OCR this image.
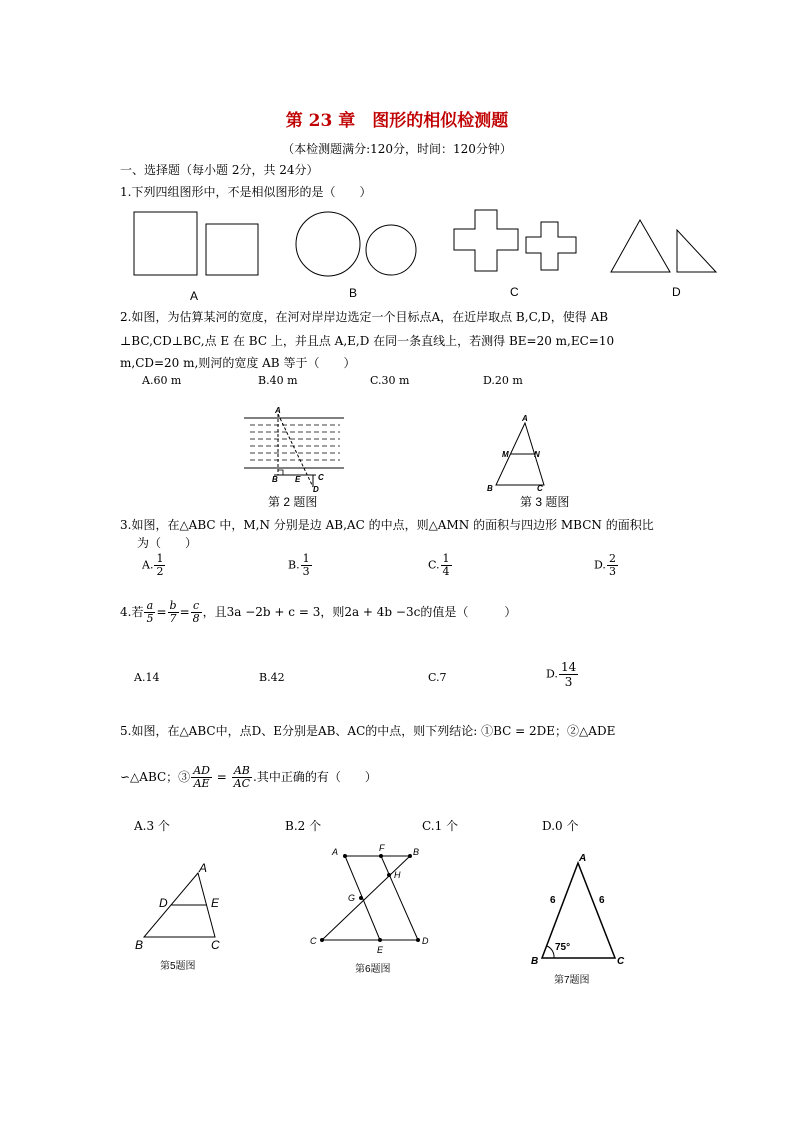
第 23 章　图形的相似检测题
（本检测题满分:120分，时间：120分钟）
一、选择题（每小题 2分，共 24分）
1.下列四组图形中，不是相似图形的是（　　）
A	B	C	D
2.如图，为估算某河的宽度，在河对岸岸边选定一个目标点A，在近岸取点 B,C,D，使得 AB
⊥BC,CD⊥BC,点 E 在 BC 上，并且点 A,E,D 在同一条直线上，若测得 BE=20 m,EC=10
m,CD=20 m,则河的宽度 AB 等于（　　）
A.60 m	B.40 m	C.30 m	D.20 m
A
B E C
D
第 2 题图
A
M	N
B	C
第 3 题图
3.如图，在△ABC 中，M,N 分别是边 AB,AC 的中点，则△AMN 的面积与四边形 MBCN 的面积比
为（　　）
A. $\frac{1}{2}$	B. $\frac{1}{3}$	C. $\frac{1}{4}$	D. $\frac{2}{3}$
4.若 $\frac{a}{5} = \frac{b}{7} = \frac{c}{8}$ ，且3a −2b + c = 3，则2a + 4b −3c的值是（　　　）
A.14	B.42	C.7	D. $\frac{14}{3}$
5.如图，在△ABC中，点D、E分别是AB、AC的中点，则下列结论: ①BC = 2DE；②△ADE
∽△ABC；③ $\frac{AD}{AE} = \frac{AB}{AC}$ .其中正确的有（　　）
A.3 个	B.2 个	C.1 个	D.0 个
A
D	E
B	C
第5题图
A	F	B
H
G
C
E
D
第6题图
A
B	C
6	6
75°
第7题图
